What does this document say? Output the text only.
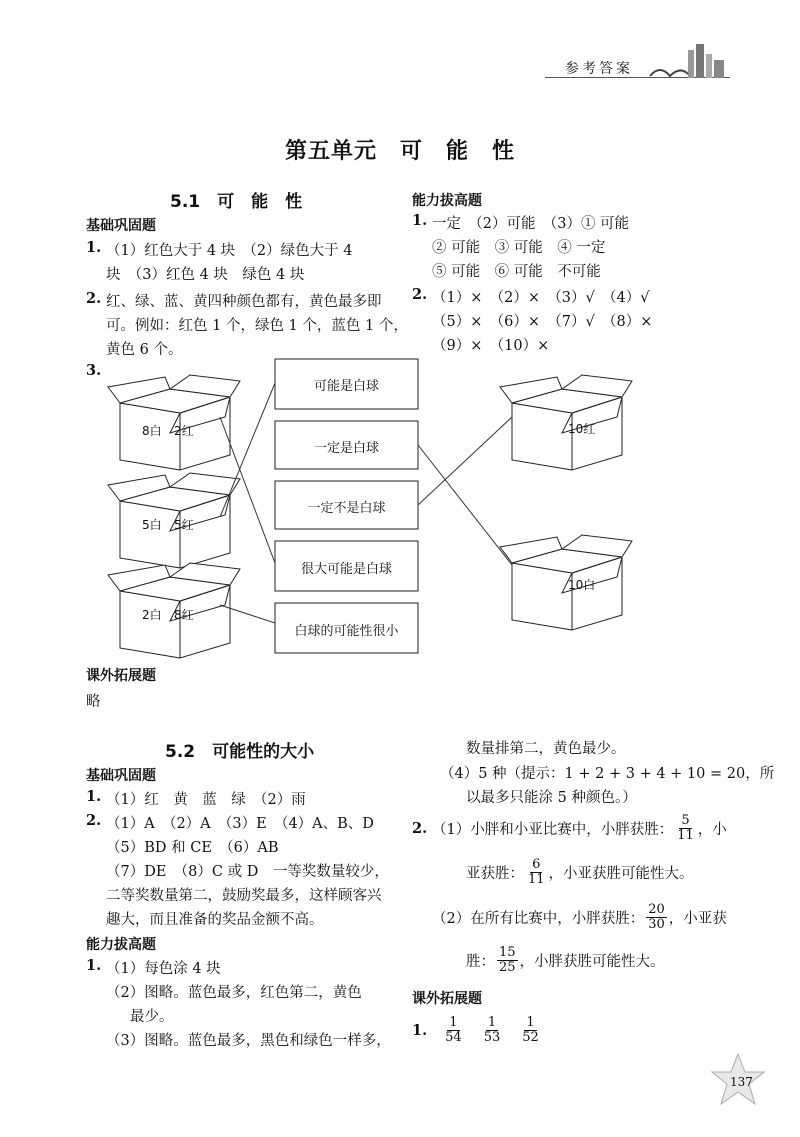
参考答案
第五单元　可　能　性
5.1　可　能　性
基础巩固题
1. （1）红色大于 4 块　（2）绿色大于 4
块　（3）红色 4 块　绿色 4 块
2. 红、绿、蓝、黄四种颜色都有，黄色最多即
可。例如：红色 1 个，绿色 1 个，蓝色 1 个，
黄色 6 个。
3.
可能是白球
一定是白球
一定不是白球
很大可能是白球
白球的可能性很小
8白 2红
5白 5红
2白 8红
10红
10白
课外拓展题
略
能力拔高题
1. 一定　（2）可能　（3）① 可能
② 可能　③ 可能　④ 一定
⑤ 可能　⑥ 可能　不可能
2. （1）×　（2）×　（3）√　（4）√
（5）×　（6）×　（7）√　（8）×
（9）×　（10）×
5.2　可能性的大小
基础巩固题
1. （1）红　黄　蓝　绿　（2）雨
2. （1）A　（2）A　（3）E　（4）A、B、D
（5）BD 和 CE　（6）AB
（7）DE　（8）C 或 D　一等奖数量较少，
二等奖数量第二，鼓励奖最多，这样顾客兴
趣大，而且准备的奖品金额不高。
能力拔高题
1. （1）每色涂 4 块
（2）图略。蓝色最多，红色第二，黄色
最少。
（3）图略。蓝色最多，黑色和绿色一样多，
数量排第二，黄色最少。
（4）5 种（提示：1 + 2 + 3 + 4 + 10 = 20，所
以最多只能涂 5 种颜色。）
2. （1）小胖和小亚比赛中，小胖获胜： $\frac{5}{11}$ ，小
亚获胜： $\frac{6}{11}$ ，小亚获胜可能性大。
（2）在所有比赛中，小胖获胜： $\frac{20}{30}$ ，小亚获
胜： $\frac{15}{25}$ ，小胖获胜可能性大。
课外拓展题
1. $\frac{1}{54} \frac{1}{53} \frac{1}{52}$
137
